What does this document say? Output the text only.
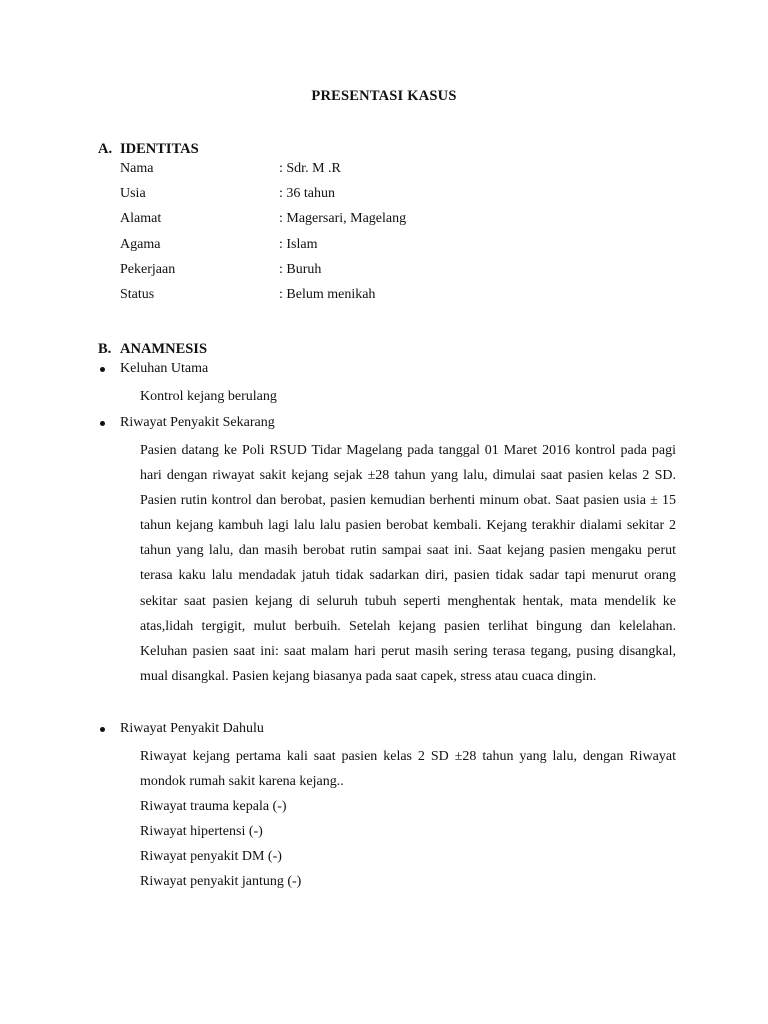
PRESENTASI KASUS
A. IDENTITAS
Nama	: Sdr. M .R
Usia	: 36 tahun
Alamat	: Magersari, Magelang
Agama	: Islam
Pekerjaan	: Buruh
Status	: Belum menikah
B. ANAMNESIS
Keluhan Utama
Kontrol kejang berulang
Riwayat Penyakit Sekarang

Pasien datang ke Poli RSUD Tidar Magelang pada tanggal 01 Maret 2016 kontrol pada pagi hari dengan riwayat sakit kejang sejak ±28 tahun yang lalu, dimulai saat pasien kelas 2 SD. Pasien rutin kontrol dan berobat, pasien kemudian berhenti minum obat. Saat pasien usia ± 15 tahun kejang kambuh lagi lalu lalu pasien berobat kembali. Kejang terakhir dialami sekitar 2 tahun yang lalu, dan masih berobat rutin sampai saat ini. Saat kejang pasien mengaku perut terasa kaku lalu mendadak jatuh tidak sadarkan diri, pasien tidak sadar tapi menurut orang sekitar saat pasien kejang di seluruh tubuh seperti menghentak hentak, mata mendelik ke atas,lidah tergigit, mulut berbuih. Setelah kejang pasien terlihat bingung dan kelelahan. Keluhan pasien saat ini: saat malam hari perut masih sering terasa tegang, pusing disangkal, mual disangkal. Pasien kejang biasanya pada saat capek, stress atau cuaca dingin.

Riwayat Penyakit Dahulu

Riwayat kejang pertama kali saat pasien kelas 2 SD ±28 tahun yang lalu, dengan Riwayat mondok rumah sakit karena kejang..

Riwayat trauma kepala (-)
Riwayat hipertensi (-)
Riwayat penyakit DM (-)
Riwayat penyakit jantung (-)
